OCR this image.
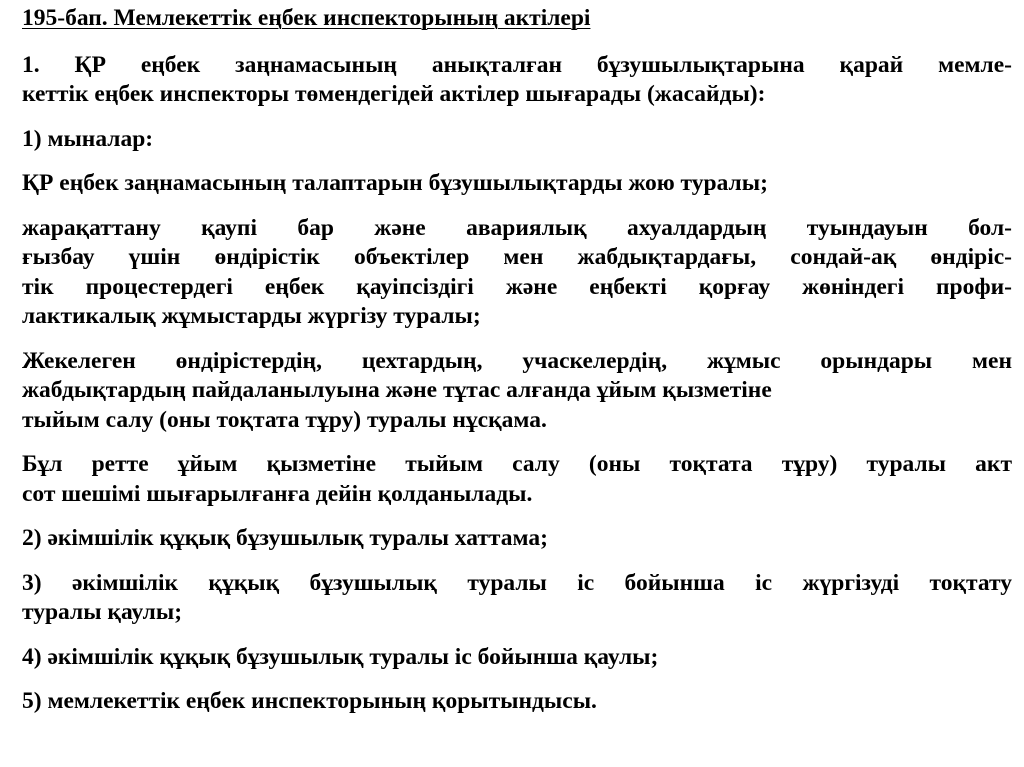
195-бап. Мемлекеттік еңбек инспекторының актілері
1. ҚР еңбек заңнамасының анықталған бұзушылықтарына қарай мемле-
кеттік еңбек инспекторы төмендегідей актілер шығарады (жасайды):
1) мыналар:
ҚР еңбек заңнамасының талаптарын бұзушылықтарды жою туралы;
жарақаттану қаупі бар және авариялық ахуалдардың туындауын бол-
ғызбау үшін өндірістік объектілер мен жабдықтардағы, сондай-ақ өндіріс-
тік процестердегі еңбек қауіпсіздігі және еңбекті қорғау жөніндегі профи-
лактикалық жұмыстарды жүргізу туралы;
Жекелеген өндірістердің, цехтардың, учаскелердің, жұмыс орындары мен
жабдықтардың пайдаланылуына және тұтас алғанда ұйым қызметіне
тыйым салу (оны тоқтата тұру) туралы нұсқама.
Бұл ретте ұйым қызметіне тыйым салу (оны тоқтата тұру) туралы акт
сот шешімі шығарылғанға дейін қолданылады.
2) әкімшілік құқық бұзушылық туралы хаттама;
3) әкімшілік құқық бұзушылық туралы іс бойынша іс жүргізуді тоқтату
туралы қаулы;
4) әкімшілік құқық бұзушылық туралы іс бойынша қаулы;
5) мемлекеттік еңбек инспекторының қорытындысы.
